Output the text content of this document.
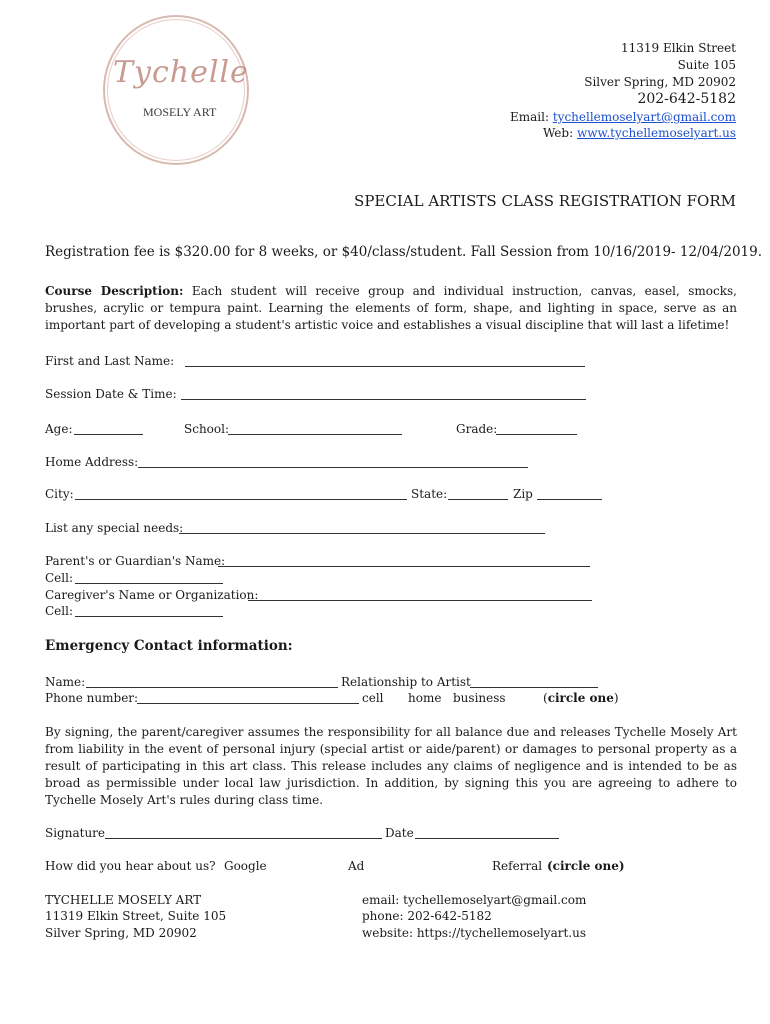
Tychelle
MOSELY ART
11319 Elkin Street
Suite 105
Silver Spring, MD 20902
202-642-5182
Email: tychellemoselyart@gmail.com
Web: www.tychellemoselyart.us
SPECIAL ARTISTS CLASS REGISTRATION FORM
Registration fee is $320.00 for 8 weeks, or $40/class/student. Fall Session from 10/16/2019- 12/04/2019.
Course Description: Each student will receive group and individual instruction, canvas, easel, smocks, brushes, acrylic or tempura paint. Learning the elements of form, shape, and lighting in space, serve as an important part of developing a student's artistic voice and establishes a visual discipline that will last a lifetime!
First and Last Name:
Session Date & Time:
Age:	School:	Grade:
Home Address:
City:	State:	Zip
List any special needs:
Parent's or Guardian's Name:
Cell:
Caregiver's Name or Organization:
Cell:
Emergency Contact information:
Name:	Relationship to Artist
Phone number:	cell home business	(circle one)
By signing, the parent/caregiver assumes the responsibility for all balance due and releases Tychelle Mosely Art from liability in the event of personal injury (special artist or aide/parent) or damages to personal property as a result of participating in this art class. This release includes any claims of negligence and is intended to be as broad as permissible under local law jurisdiction. In addition, by signing this you are agreeing to adhere to Tychelle Mosely Art's rules during class time.
Signature	Date
How did you hear about us? Google	Ad	Referral (circle one)
TYCHELLE MOSELY ART
11319 Elkin Street, Suite 105
Silver Spring, MD 20902
email: tychellemoselyart@gmail.com
phone: 202-642-5182
website: https://tychellemoselyart.us
